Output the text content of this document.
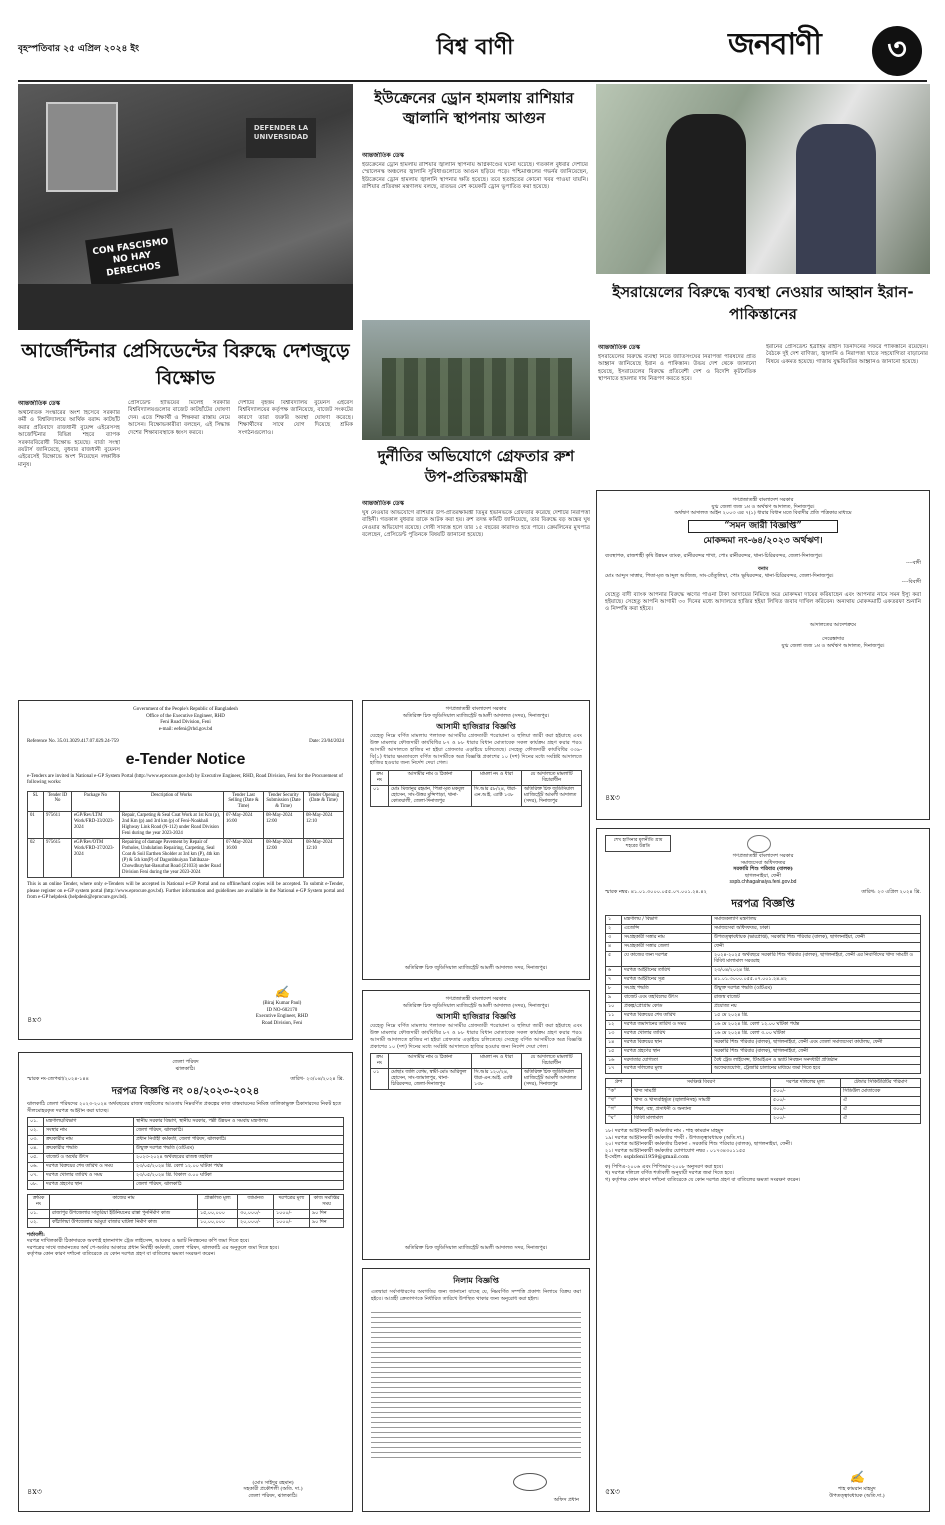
বৃহস্পতিবার ২৫ এপ্রিল ২০২৪ ইং	বিশ্ব বাণী	জনবাণী	৩
CON FASCISMO NO HAY DERECHOS
DEFENDER LA UNIVERSIDAD
আর্জেন্টিনার প্রেসিডেন্টের বিরুদ্ধে দেশজুড়ে বিক্ষোভ
আন্তর্জাতিক ডেস্ক
অর্থনৈতিক সংস্কারের অংশ হিসেবে সরকারি কর্মী ও বিশ্ববিদ্যালয়ে আর্থিক বরাদ্দ কাটছাঁট করার প্রতিবাদে রাজধানী বুয়েন্স এইরেসসহ আর্জেন্টিনার বিভিন্ন শহরে ব্যাপক সরকারবিরোধী বিক্ষোভ হয়েছে। বার্তা সংস্থা রয়টার্স জানিয়েছে, বুধবার রাজধানী বুয়েনস এইরেসেই বিক্ষোভে অংশ নিয়েছেন লক্ষাধিক মানুষ।
প্রেসিডেন্ট হাভিয়ের মিলেই সরকারি বিশ্ববিদ্যালয়গুলোর বাজেট কাটছাঁটের ঘোষণা দেন। এতে শিক্ষার্থী ও শিক্ষকরা রাস্তায় নেমে আসেন। বিক্ষোভকারীরা বলছেন, এই সিদ্ধান্ত দেশের শিক্ষাব্যবস্থাকে ধ্বংস করবে।
দেশটির বৃহত্তম বিশ্ববিদ্যালয় বুয়েনস এইরেস বিশ্ববিদ্যালয়ের কর্তৃপক্ষ জানিয়েছে, বাজেট সংকটের কারণে তারা জরুরি অবস্থা ঘোষণা করেছে। শিক্ষার্থীদের সাথে যোগ দিয়েছে শ্রমিক সংগঠনগুলোও।
ইউক্রেনের ড্রোন হামলায় রাশিয়ার জ্বালানি স্থাপনায় আগুন
আন্তর্জাতিক ডেস্ক
ইউক্রেনের ড্রোন হামলায় রাশিয়ার জ্বালানি স্থাপনায় অগ্নিকাণ্ডের ঘটনা ঘটেছে। গতকাল বুধবার দেশটির স্মোলেনস্ক অঞ্চলের জ্বালানি সুবিধাগুলোতে আগুন ছড়িয়ে পড়ে। পশ্চিমাঞ্চলের গভর্নর জানিয়েছেন, ইউক্রেনের ড্রোন হামলায় জ্বালানি স্থাপনার ক্ষতি হয়েছে। তবে হতাহতের কোনো খবর পাওয়া যায়নি। রাশিয়ার প্রতিরক্ষা মন্ত্রণালয় বলছে, রাতভর বেশ কয়েকটি ড্রোন ভূপাতিত করা হয়েছে।
দুর্নীতির অভিযোগে গ্রেফতার রুশ উপ-প্রতিরক্ষামন্ত্রী
আন্তর্জাতিক ডেস্ক
ঘুষ নেওয়ার অভিযোগে রাশিয়ার উপ-প্রতিরক্ষামন্ত্রী তিমুর ইভানভকে গ্রেফতার করেছে দেশটির নিরাপত্তা বাহিনী। গতকাল বুধবার তাকে আটক করা হয়। রুশ তদন্ত কমিটি জানিয়েছে, তার বিরুদ্ধে বড় অঙ্কের ঘুষ নেওয়ার অভিযোগ রয়েছে। দোষী সাব্যস্ত হলে তার ১৫ বছরের কারাদণ্ড হতে পারে। ক্রেমলিনের মুখপাত্র বলেছেন, প্রেসিডেন্ট পুতিনকে বিষয়টি জানানো হয়েছে।
ইসরায়েলের বিরুদ্ধে ব্যবস্থা নেওয়ার আহ্বান ইরান-পাকিস্তানের
আন্তর্জাতিক ডেস্ক
ইসরায়েলের বিরুদ্ধে ব্যবস্থা নিতে জাতিসংঘের নিরাপত্তা পরিষদের প্রতি আহ্বান জানিয়েছে ইরান ও পাকিস্তান। উভয় দেশ থেকে জানানো হয়েছে, ইসরায়েলের বিরুদ্ধে প্রতিবেশী দেশ ও বিদেশি কূটনৈতিক স্থাপনাতে হামলার দায় নিরূপণ করতে হবে।
ইরানের প্রেসিডেন্ট ইব্রাহিম রাইসি তিনদিনের সফরে পাকিস্তানে রয়েছেন। বৈঠকে দুই দেশ বাণিজ্য, জ্বালানি ও নিরাপত্তা খাতে সহযোগিতা বাড়ানোর বিষয়ে একমত হয়েছে। গাজায় যুদ্ধবিরতির আহ্বানও জানানো হয়েছে।
গণপ্রজাতন্ত্রী বাংলাদেশ সরকার
যুগ্ম জেলা জজ ১ম ও অর্থঋণ আদালত, দিনাজপুর।
অর্থঋণ আদালত আইন ২০০৩ এর ৭(১) ধারার বিধান মতে বিবাদীর প্রতি পত্রিকার মাধ্যমে
“সমন জারী বিজ্ঞপ্তি”
মোকদ্দমা নং-৬৪/২০২৩ অর্থঋণ।
ব্যবস্থাপক, রাজশাহী কৃষি উন্নয়ন ব্যাংক, রানীরবন্দর শাখা, পোঃ রানীরবন্দর, থানা-চিরিরবন্দর, জেলা-দিনাজপুর।
----বাদী
বনাম
মোঃ আব্দুস সাত্তার, পিতা-মৃত আব্দুল আজিজ, সাং-তেঁতুলিয়া, পোঃ ভূষিরবন্দর, থানা-চিরিরবন্দর, জেলা-দিনাজপুর।
----বিবাদী
যেহেতু বাদী ব্যাংক আপনার বিরুদ্ধে ঋণের পাওনা টাকা আদায়ের নিমিত্তে অত্র মোকদ্দমা দায়ের করিয়াছেন এবং আপনার নামে সমন ইস্যু করা হইয়াছে। সেহেতু আপনি আগামী ৩০ দিনের মধ্যে আদালতে হাজির হইয়া লিখিত জবাব দাখিল করিবেন। অন্যথায় মোকদ্দমাটি একতরফা শুনানি ও নিষ্পত্তি করা হইবে।
আদালতের আদেশক্রমে
সেরেস্তাদার
যুগ্ম জেলা জজ ১ম ও অর্থঋণ আদালত, দিনাজপুর।
৪x৩
Government of the People's Republic of Bangladesh
Office of the Executive Engineer, RHD
Feni Road Division, Feni
e-mail: eefeni@rhd.gov.bd
Reference No. 35.01.3029.417.07.029.24-759	Date: 23/04/2024
e-Tender Notice
e-Tenders are invited in National e-GP System Portal (http://www.eprocure.gov.bd) by Executive Engineer, RHD, Road Division, Feni for the Procurement of following works:
SL	Tender ID No	Package No	Description of Works	Tender Last Selling (Date & Time)	Tender Security Submission (Date & Time)	Tender Opening (Date & Time)
01	975611	eGP/Rev/LTM Work/FRD-33/2023-2024	Repair, Carpeting & Seal Coat Work at 1st Km (p), 2nd Km (p) and 3rd km (p) of Feni-Noakhali Highway Link Road (N-112) under Road Division Feni during the year 2023-2024	07-May-2024 16:00	08-May-2024 12:00	08-May-2024 12:10
02	975615	eGP/Rev/OTM Work/FRD-37/2023-2024	Repairing of damage Pavement by Repair of Potholes, Undulation Repairing, Carpeting, Seal Coat & Soil Earthen Sholder at 3rd km (P), 4th km (P) & 5th km(P) of Dagonbhuiyan Taltibazar-Chowdhuryhat-Basurhat Road (Z1033) under Road Division Feni during the year 2023-2024	07-May-2024 16:00	08-May-2024 12:00	08-May-2024 12:10
This is an online Tender, where only e-Tenders will be accepted in National e-GP Portal and no offline/hard copies will be accepted. To submit e-Tender, please register on e-GP system portal (http://www.eprocure.gov.bd). Further information and guidelines are available in the National e-GP System portal and from e-GP helpdesk (helpdesk@eprocure.gov.bd).
✍
(Biraj Kumar Paul)
ID NO-602170
Executive Engineer, RHD
Road Division, Feni
৪x৩
জেলা পরিষদ
ঝালকাঠি।
স্মারক নং-জেপঝা/২০২৪-১৪৪	তারিখ- ২৩/০৪/২০২৪ খ্রি.
দরপত্র বিজ্ঞপ্তি নং ০৪/২০২৩-২০২৪
ঝালকাঠি জেলা পরিষদের ২০২৩-২০২৪ অর্থবছরের রাজস্ব তহবিলের আওতায় নিম্নবর্ণিত প্রকল্পের কাজ বাস্তবায়নের নিমিত্ত তালিকাভুক্ত ঠিকাদারদের নিকট হতে সীলমোহরকৃত দরপত্র আহ্বান করা যাচ্ছে।
০১.	মন্ত্রণালয়/বিভাগ	স্থানীয় সরকার বিভাগ, স্থানীয় সরকার, পল্লী উন্নয়ন ও সমবায় মন্ত্রণালয়
০২.	সংস্থার নাম	জেলা পরিষদ, ঝালকাঠি।
০৩.	ক্রয়কারীর নাম	প্রধান নির্বাহী কর্মকর্তা, জেলা পরিষদ, ঝালকাঠি।
০৪.	ক্রয়কারীর পদ্ধতি	উন্মুক্ত দরপত্র পদ্ধতি (ওটিএম)
০৫.	বাজেট ও অর্থের উৎস	২০২৩-২০২৪ অর্থবছরের রাজস্ব তহবিল
০৬.	দরপত্র বিক্রয়ের শেষ তারিখ ও সময়	২৩/০৫/২০২৪ খ্রি. বেলা ১২.০০ ঘটিকা পর্যন্ত
০৭.	দরপত্র খোলার তারিখ ও সময়	২৩/০৫/২০২৪ খ্রি. বিকাল ৩.০০ ঘটিকা
০৮.	দরপত্র গ্রহণের স্থান	জেলা পরিষদ, ঝালকাঠি
ক্রমিক নং	কাজের নাম	প্রাক্কলিত মূল্য	জামানত	দরপত্রের মূল্য	কাজ সমাপ্তির সময়
০১.	রাজাপুর উপজেলার সাতুরিয়া ইউনিয়নের রাস্তা পুনর্নির্মাণ কাজ	১৫,০০,০০০	৩০,০০০/-	১০০০/-	৯০ দিন
০২.	কাঁঠালিয়া উপজেলার আমুয়া বাজার ঘাটলা নির্মাণ কাজ	১০,০০,০০০	২০,০০০/-	১০০০/-	৯০ দিন
শর্তাবলী:
দরপত্র দাখিলকারী ঠিকাদারকে অবশ্যই হালনাগাদ ট্রেড লাইসেন্স, আয়কর ও ভ্যাট নিবন্ধনের কপি জমা দিতে হবে।
দরপত্রের সাথে জামানতের অর্থ পে-অর্ডার আকারে প্রধান নির্বাহী কর্মকর্তা, জেলা পরিষদ, ঝালকাঠি এর অনুকূলে জমা দিতে হবে।
কর্তৃপক্ষ কোন কারণ দর্শানো ব্যতিরেকে যে কোন দরপত্র গ্রহণ বা বাতিলের ক্ষমতা সংরক্ষণ করেন।
(মোঃ সাইদুর রহমান)
সহকারী প্রকৌশলী (অতি. দা.)
জেলা পরিষদ, ঝালকাঠি।
৪x৩
গণপ্রজাতন্ত্রী বাংলাদেশ সরকার
অতিরিক্ত চিফ জুডিসিয়াল ম্যাজিস্ট্রেট আমলী আদালত (সদর), দিনাজপুর।
আসামী হাজিরার বিজ্ঞপ্তি
যেহেতু নিম্নে বর্ণিত মামলায় পলাতক আসামীর গ্রেফতারী পরোয়ানা ও হুলিয়া জারী করা হইয়াছে এবং উক্ত মামলার ফৌজদারী কার্যবিধির ৮৭ ও ৮৮ ধারার বিধান মোতাবেক সকল কার্যক্রম গ্রহণ করার পরও আসামী আদালতে হাজির না হইয়া গ্রেফতার এড়াইয়ে চলিতেছে। সেহেতু ফৌজদারী কার্যবিধির ৩৩৯-বি(১) ধারার ক্ষমতাবলে বর্ণিত আসামীকে অত্র বিজ্ঞপ্তি প্রকাশের ১০ (দশ) দিনের মধ্যে সংশ্লিষ্ট আদালতে হাজির হওয়ার জন্য নির্দেশ দেয়া গেল।
ক্রম নং	আসামীর নাম ও ঠিকানা	মামলা নং ও ধারা	যে আদালতে মামলাটি বিচারাধীন
০১	মোঃ মিজানুর রহমান, পিতা-মৃত মকবুল হোসেন, সাং-উত্তর মুন্সিপাড়া, থানা-কোতয়ালী, জেলা-দিনাজপুর	সি.আর ৫৮/২৪, ধারা-এন.আই. এ্যাক্ট ১৩৮	অতিরিক্ত চিফ জুডিসিয়াল ম্যাজিস্ট্রেট আমলী আদালত (সদর), দিনাজপুর
অতিরিক্ত চিফ জুডিসিয়াল ম্যাজিস্ট্রেট আমলী আদালত সদর, দিনাজপুর।
গণপ্রজাতন্ত্রী বাংলাদেশ সরকার
অতিরিক্ত চিফ জুডিসিয়াল ম্যাজিস্ট্রেট আমলী আদালত (সদর), দিনাজপুর।
আসামী হাজিরার বিজ্ঞপ্তি
যেহেতু নিম্নে বর্ণিত মামলায় পলাতক আসামীর গ্রেফতারী পরোয়ানা ও হুলিয়া জারী করা হইয়াছে এবং উক্ত মামলার ফৌজদারী কার্যবিধির ৮৭ ও ৮৮ ধারার বিধান মোতাবেক সকল কার্যক্রম গ্রহণ করার পরও আসামী আদালতে হাজির না হইয়া গ্রেফতার এড়াইয়ে চলিতেছে। সেহেতু বর্ণিত আসামীকে অত্র বিজ্ঞপ্তি প্রকাশের ১০ (দশ) দিনের মধ্যে সংশ্লিষ্ট আদালতে হাজির হওয়ার জন্য নির্দেশ দেয়া গেল।
ক্রম নং	আসামীর নাম ও ঠিকানা	মামলা নং ও ধারা	যে আদালতে মামলাটি বিচারাধীন
০১	মোছাঃ জলি বেগম, স্বামী-মোঃ আরিফুল হোসেন, সাং-জামালপুর, থানা-চিরিরবন্দর, জেলা-দিনাজপুর	সি.আর ১২০/২৪, ধারা-এন.আই. এ্যাক্ট ১৩৮	অতিরিক্ত চিফ জুডিসিয়াল ম্যাজিস্ট্রেট আমলী আদালত (সদর), দিনাজপুর
অতিরিক্ত চিফ জুডিসিয়াল ম্যাজিস্ট্রেট আমলী আদালত সদর, দিনাজপুর।
নিলাম বিজ্ঞপ্তি
এতদ্বারা সর্বসাধারণের অবগতির জন্য জানানো যাচ্ছে যে, নিম্নবর্ণিত সম্পত্তি প্রকাশ্য নিলামে বিক্রয় করা হইবে। আগ্রহী ক্রেতাগণকে নির্ধারিত তারিখে উপস্থিত থাকার জন্য অনুরোধ করা হইল।
অফিস প্রধান
শেখ হাসিনার মূলনীতি গ্রাম শহরের উন্নতি
গণপ্রজাতন্ত্রী বাংলাদেশ সরকার
সমাজসেবা অধিদফতর
সরকারি শিশু পরিবার (বালক)
ছাগলনাইয়া, ফেনী
sspb.chhagalnaiya.feni.gov.bd
স্মারক নম্বর: ৪১.০১.৩০০০.০৫৫.০৭.০০১.২৪.৪২	তারিখ: ২৩ এপ্রিল ২০২৪ খ্রি.
দরপত্র বিজ্ঞপ্তি
১	মন্ত্রণালয় / বিভাগ	সমাজকল্যাণ মন্ত্রণালয়
২	এজেন্সি	সমাজসেবা অধিদফতর, ঢাকা।
৩	সংগ্রহকারী সত্তার নাম	উপতত্ত্বাবধায়ক (ভারপ্রাপ্ত), সরকারি শিশু পরিবার (বালক), ছাগলনাইয়া, ফেনী
৪	সংগ্রহকারী সত্তার জেলা	ফেনী
৫	যে কাজের জন্য দরপত্র	২০২৪-২০২৫ অর্থবছরে সরকারি শিশু পরিবার (বালক), ছাগলনাইয়া, ফেনী এর নিবাসীদের খাদ্য সামগ্রী ও বিবিধ মালামাল সরবরাহ
৬	দরপত্র আহ্বানের তারিখ	২৩/০৪/২০২৪ খ্রি.
৭	দরপত্র আহ্বানের সূত্র	৪১.০১.৩০০০.০৫৫.০৭.০০১.২৪.৪২
৮	সংগ্রহ পদ্ধতি	উন্মুক্ত দরপত্র পদ্ধতি (ওটিএম)
৯	বাজেট এবং তহবিলের উৎস	রাজস্ব বাজেট
১০	প্রকল্প/প্রোগ্রাম কোড	প্রযোজ্য নয়
১১	দরপত্র বিক্রয়ের শেষ তারিখ	১৫ মে ২০২৪ খ্রি.
১২	দরপত্র জমাদানের তারিখ ও সময়	১৬ মে ২০২৪ খ্রি. বেলা ১২.০০ ঘটিকা পর্যন্ত
১৩	দরপত্র খোলার তারিখ	১৬ মে ২০২৪ খ্রি. বেলা ৩.০০ ঘটিকা
১৪	দরপত্র বিক্রয়ের স্থান	সরকারি শিশু পরিবার (বালক), ছাগলনাইয়া, ফেনী এবং জেলা সমাজসেবা কার্যালয়, ফেনী
১৫	দরপত্র গ্রহণের স্থান	সরকারি শিশু পরিবার (বালক), ছাগলনাইয়া, ফেনী
১৬	দরদাতার যোগ্যতা	বৈধ ট্রেড লাইসেন্স, টিআইএন ও ভ্যাট নিবন্ধন সনদধারী প্রতিষ্ঠান
১৭	দরপত্র দলিলের মূল্য	অফেরতযোগ্য, ট্রেজারি চালানের মাধ্যমে জমা দিতে হবে
গ্রুপ	সংক্ষিপ্ত বিবরণ	দরপত্র দলিলের মূল্য	টেন্ডার সিকিউরিটির পরিমাণ
“ক”	খাদ্য সামগ্রী	৫০০/-	সিডিউল মোতাবেক
“খ”	খাদ্য ও খাদ্যবহির্ভূত (জ্বালানিসহ) সামগ্রী	৫০০/-	ঐ
“গ”	শিক্ষা, বস্ত্র, প্রসাধনী ও অন্যান্য	৩০০/-	ঐ
“ঘ”	বিবিধ মালামাল	২০০/-	ঐ
১৮। দরপত্র আহ্বানকারী কর্মকর্তার নাম : শাহ কামরান মাহমুদ
১৯। দরপত্র আহ্বানকারী কর্মকর্তার পদবী : উপতত্ত্বাবধায়ক (অতি.দা.)
২০। দরপত্র আহ্বানকারী কর্মকর্তার ঠিকানা : সরকারি শিশু পরিবার (বালক), ছাগলনাইয়া, ফেনী।
২১। দরপত্র আহ্বানকারী কর্মকর্তার যোগাযোগ নম্বর : ০১৭৩৪৩০১১৫৫
ই-মেইল: sspbfeni1959@gmail.com
ক) পিপিএ-২০০৬ এবং পিপিআর-২০০৮ অনুসরণ করা হবে।
খ) দরপত্র দলিলে বর্ণিত শর্তাবলী অনুযায়ী দরপত্র জমা দিতে হবে।
গ) কর্তৃপক্ষ কোন কারণ দর্শানো ব্যতিরেকে যে কোন দরপত্র গ্রহণ বা বাতিলের ক্ষমতা সংরক্ষণ করেন।
✍
শাহ কামরান মাহমুদ
উপতত্ত্বাবধায়ক (অতি.দা.)
৫x৩
